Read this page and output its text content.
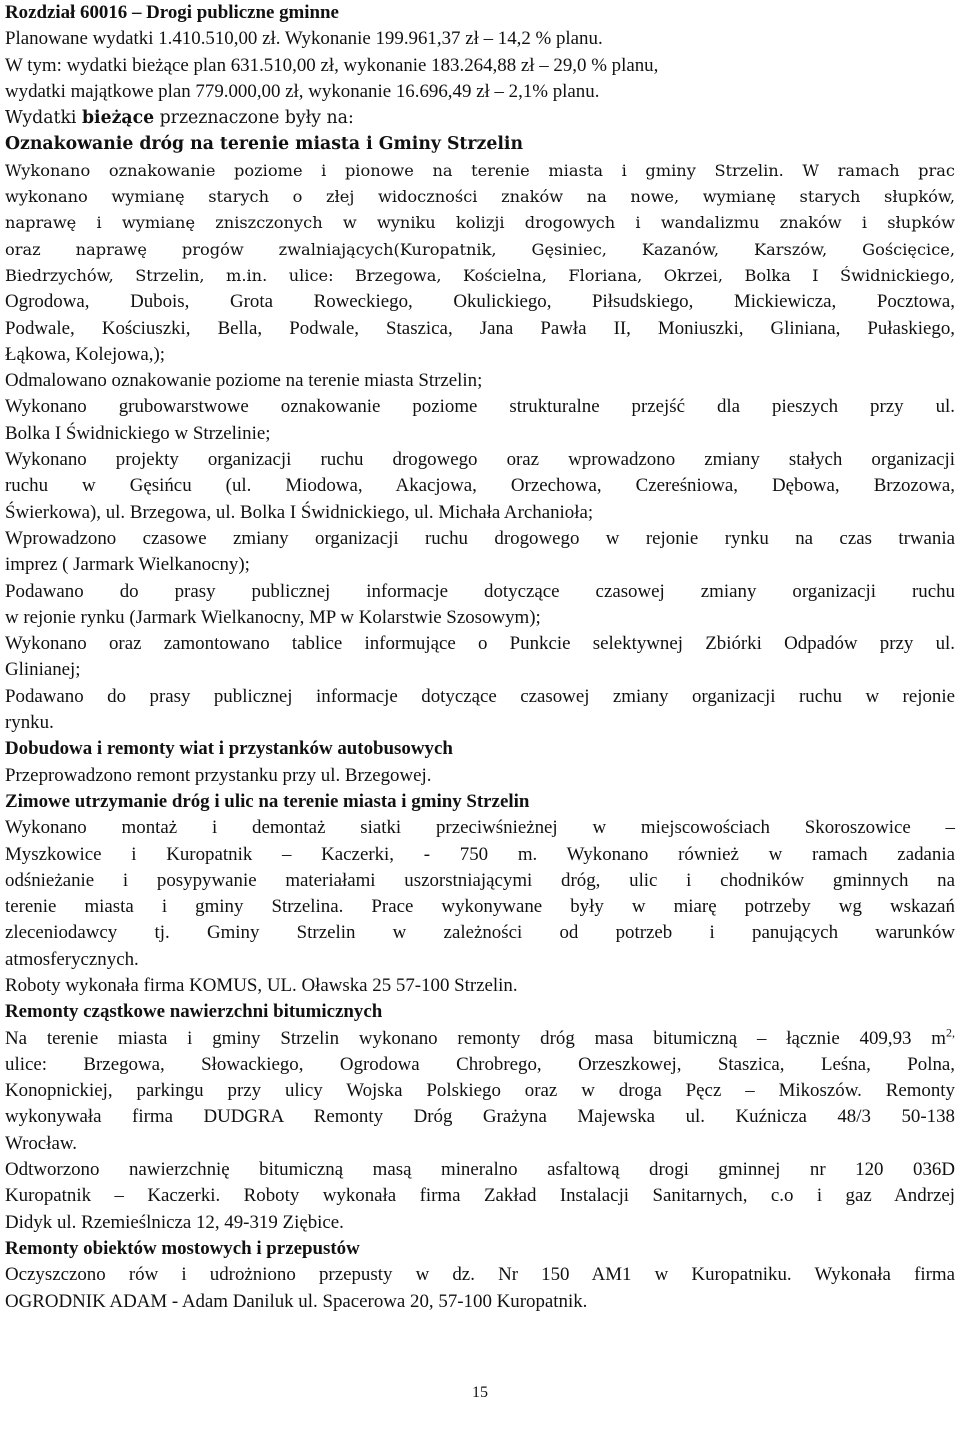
Rozdział 60016 – Drogi publiczne gminne

Planowane wydatki 1.410.510,00 zł. Wykonanie 199.961,37 zł – 14,2 % planu.

W tym: wydatki bieżące plan 631.510,00 zł, wykonanie 183.264,88 zł – 29,0 % planu,

wydatki majątkowe plan 779.000,00 zł, wykonanie 16.696,49 zł – 2,1% planu.

Wydatki bieżące przeznaczone były na:

Oznakowanie dróg na terenie miasta i Gminy Strzelin

Wykonano oznakowanie poziome i pionowe na terenie miasta i gminy Strzelin. W ramach prac

wykonano wymianę starych o złej widoczności znaków na nowe, wymianę starych słupków,

naprawę i wymianę zniszczonych w wyniku kolizji drogowych i wandalizmu znaków i słupków

oraz naprawę progów zwalniających(Kuropatnik, Gęsiniec, Kazanów, Karszów, Gościęcice,

Biedrzychów, Strzelin, m.in. ulice: Brzegowa, Kościelna, Floriana, Okrzei, Bolka I Świdnickiego,

Ogrodowa, Dubois, Grota Roweckiego, Okulickiego, Piłsudskiego, Mickiewicza, Pocztowa,

Podwale, Kościuszki, Bella, Podwale, Staszica, Jana Pawła II, Moniuszki, Gliniana, Pułaskiego,

Łąkowa, Kolejowa,);

Odmalowano oznakowanie poziome na terenie miasta Strzelin;

Wykonano grubowarstwowe oznakowanie poziome strukturalne przejść dla pieszych przy ul.

Bolka I Świdnickiego w Strzelinie;

Wykonano projekty organizacji ruchu drogowego oraz wprowadzono zmiany stałych organizacji

ruchu w Gęsińcu (ul. Miodowa, Akacjowa, Orzechowa, Czereśniowa, Dębowa, Brzozowa,

Świerkowa), ul. Brzegowa, ul. Bolka I Świdnickiego, ul. Michała Archanioła;

Wprowadzono czasowe zmiany organizacji ruchu drogowego w rejonie rynku na czas trwania

imprez ( Jarmark Wielkanocny);

Podawano do prasy publicznej informacje dotyczące czasowej zmiany organizacji ruchu

w rejonie rynku (Jarmark Wielkanocny, MP w Kolarstwie Szosowym);

Wykonano oraz zamontowano tablice informujące o Punkcie selektywnej Zbiórki Odpadów przy ul.

Glinianej;

Podawano do prasy publicznej informacje dotyczące czasowej zmiany organizacji ruchu w rejonie

rynku.

Dobudowa i remonty wiat i przystanków autobusowych

Przeprowadzono remont przystanku przy ul. Brzegowej.

Zimowe utrzymanie dróg i ulic na terenie miasta i gminy Strzelin

Wykonano montaż i demontaż siatki przeciwśnieżnej w miejscowościach Skoroszowice –

Myszkowice i Kuropatnik – Kaczerki, - 750 m. Wykonano również w ramach zadania

odśnieżanie i posypywanie materiałami uszorstniającymi dróg, ulic i chodników gminnych na

terenie miasta i gminy Strzelina. Prace wykonywane były w miarę potrzeby wg wskazań

zleceniodawcy tj. Gminy Strzelin w zależności od potrzeb i panujących warunków

atmosferycznych.

Roboty wykonała firma KOMUS, UL. Oławska 25 57-100 Strzelin.

Remonty cząstkowe nawierzchni bitumicznych

Na terenie miasta i gminy Strzelin wykonano remonty dróg masa bitumiczną – łącznie 409,93 $m^{2,}$

ulice: Brzegowa, Słowackiego, Ogrodowa Chrobrego, Orzeszkowej, Staszica, Leśna, Polna,

Konopnickiej, parkingu przy ulicy Wojska Polskiego oraz w droga Pęcz – Mikoszów. Remonty

wykonywała firma DUDGRA Remonty Dróg Grażyna Majewska ul. Kuźnicza 48/3 50-138

Wrocław.

Odtworzono nawierzchnię bitumiczną masą mineralno asfaltową drogi gminnej nr 120 036D

Kuropatnik – Kaczerki. Roboty wykonała firma Zakład Instalacji Sanitarnych, c.o i gaz Andrzej

Didyk ul. Rzemieślnicza 12, 49-319 Ziębice.

Remonty obiektów mostowych i przepustów

Oczyszczono rów i udrożniono przepusty w dz. Nr 150 AM1 w Kuropatniku. Wykonała firma

OGRODNIK ADAM - Adam Daniluk ul. Spacerowa 20, 57-100 Kuropatnik.

15
